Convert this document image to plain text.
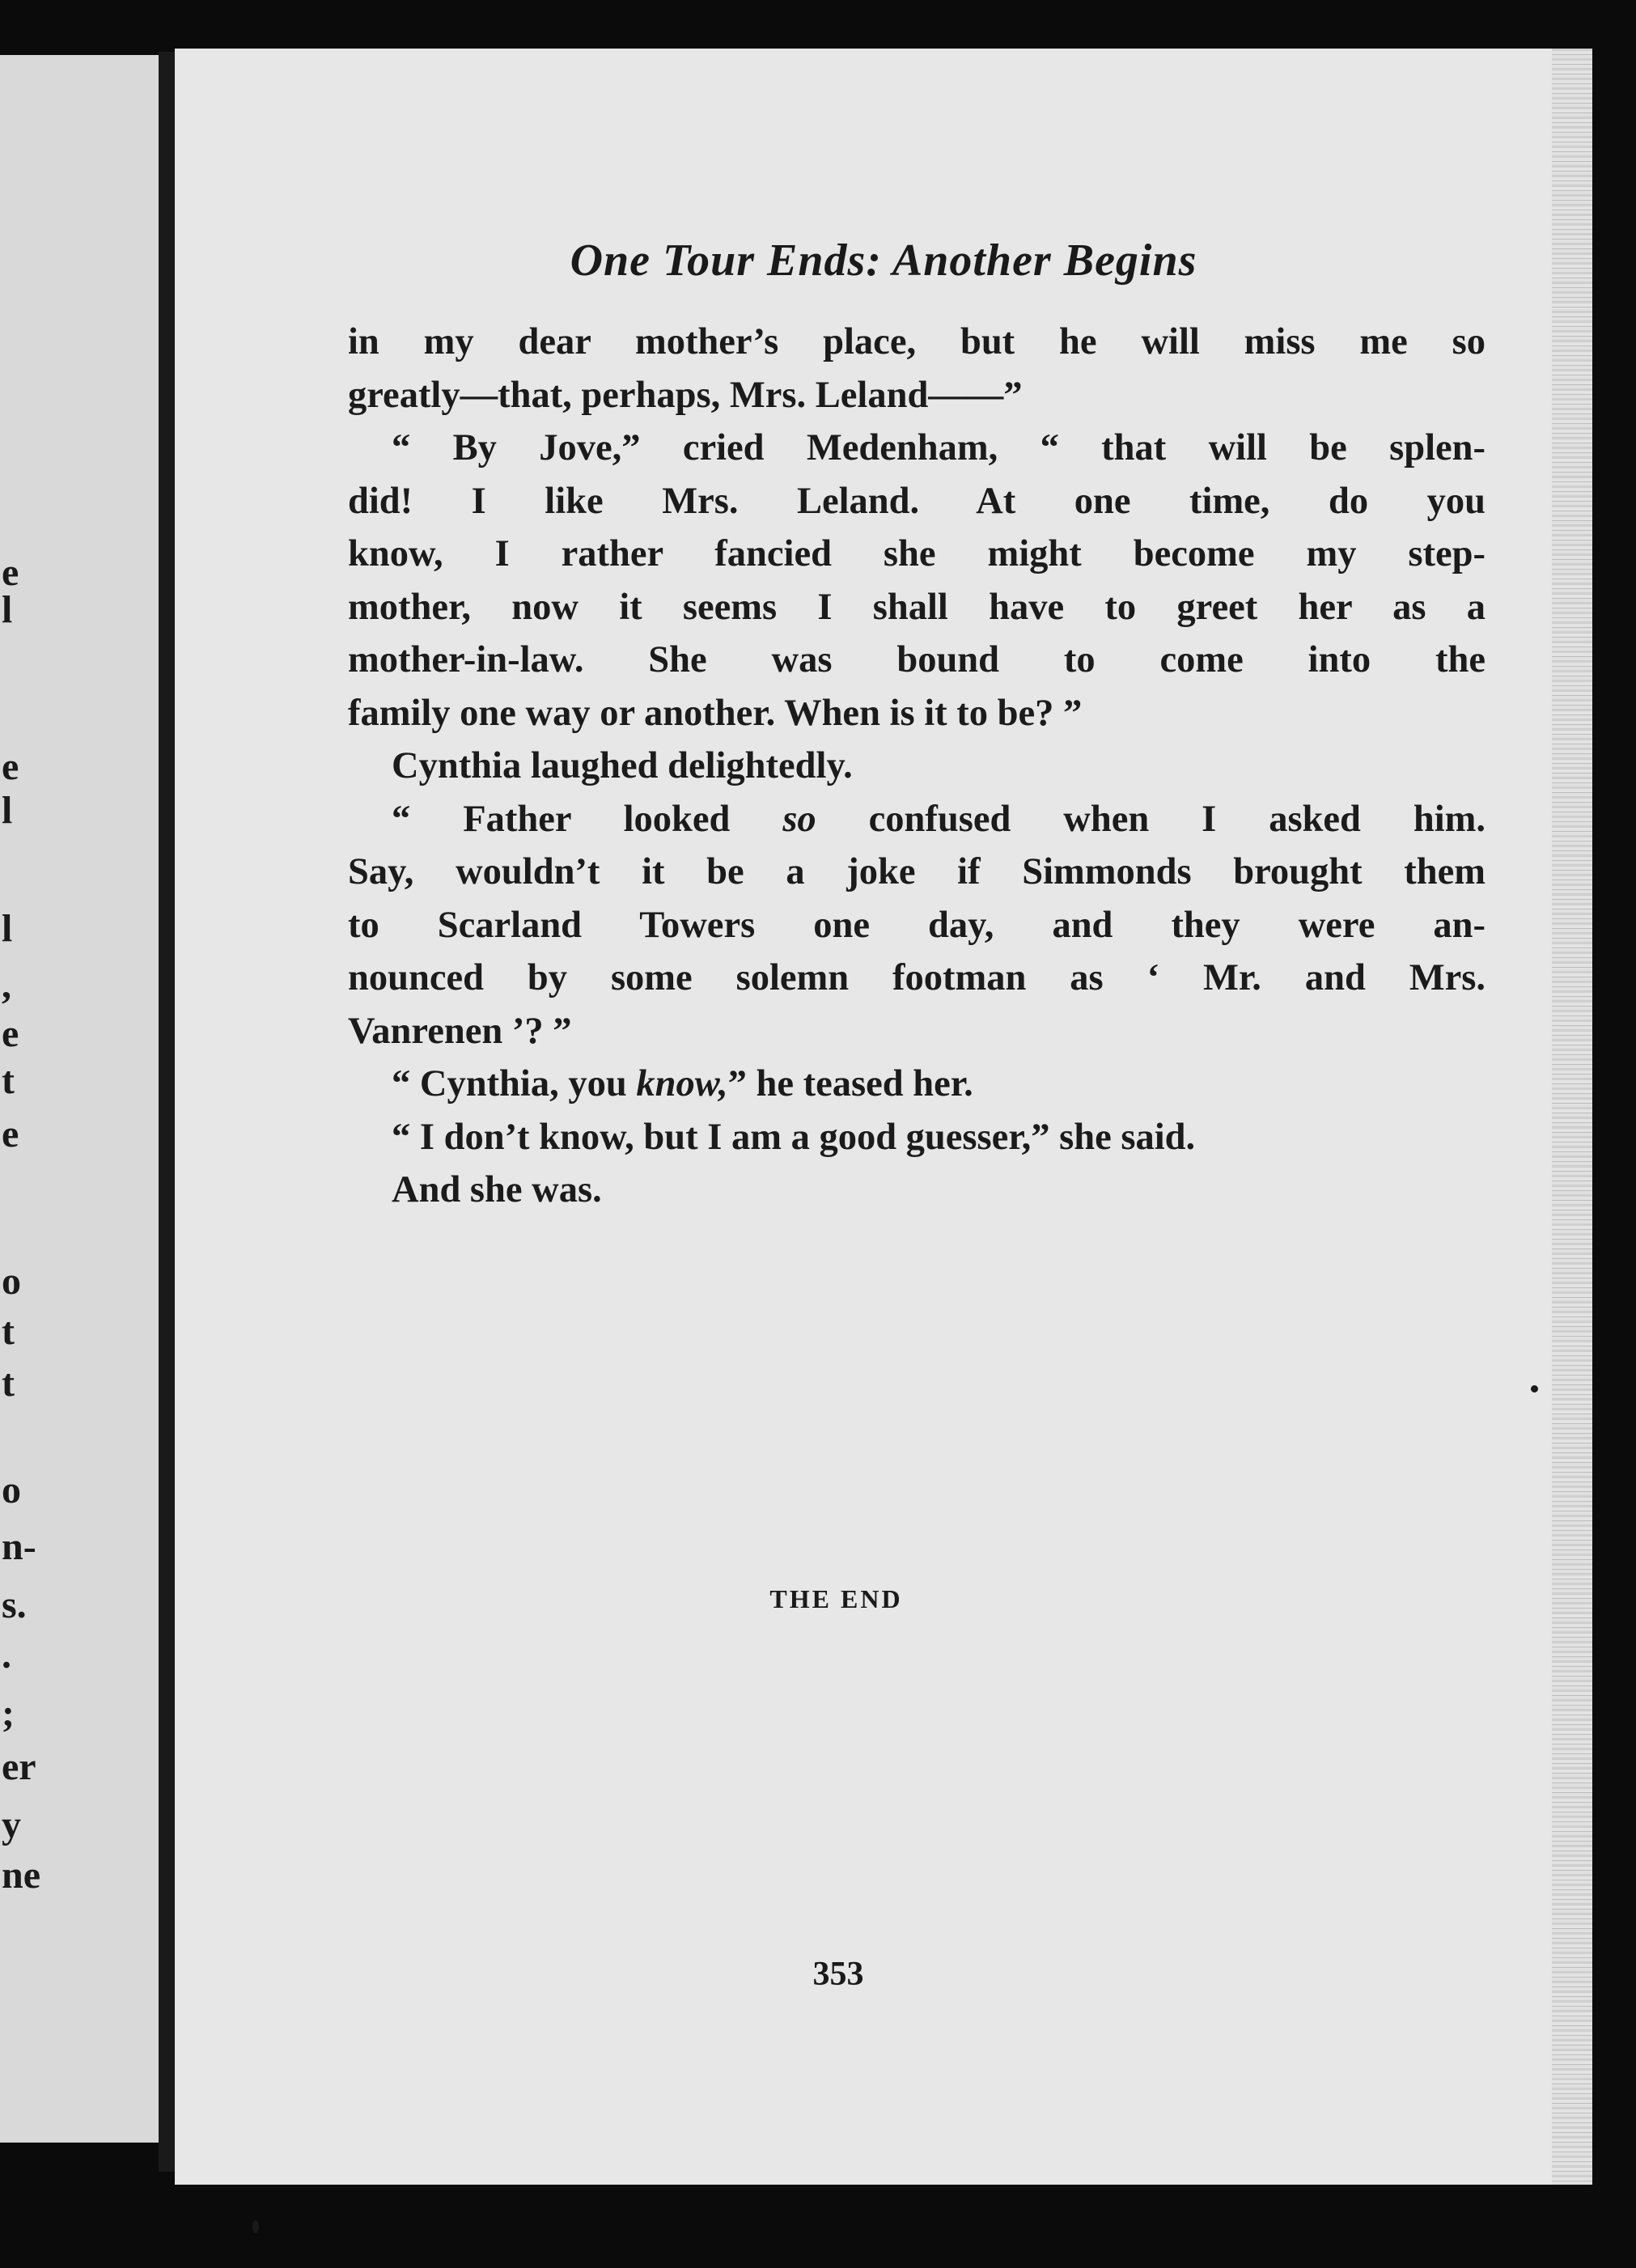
e
l
e
l
l
,
e
t
e
o
t
t
o
n-
s.
.
;
er
y
ne
One Tour Ends: Another Begins
in my dear mother’s place, but he will miss me so
greatly—that, perhaps, Mrs. Leland——”
“ By Jove,” cried Medenham, “ that will be splen-
did! I like Mrs. Leland. At one time, do you
know, I rather fancied she might become my step-
mother, now it seems I shall have to greet her as a
mother-in-law. She was bound to come into the
family one way or another. When is it to be? ”
Cynthia laughed delightedly.
“ Father looked so confused when I asked him.
Say, wouldn’t it be a joke if Simmonds brought them
to Scarland Towers one day, and they were an-
nounced by some solemn footman as ‘ Mr. and Mrs.
Vanrenen ’? ”
“ Cynthia, you know,” he teased her.
“ I don’t know, but I am a good guesser,” she said.
And she was.
THE END
353
